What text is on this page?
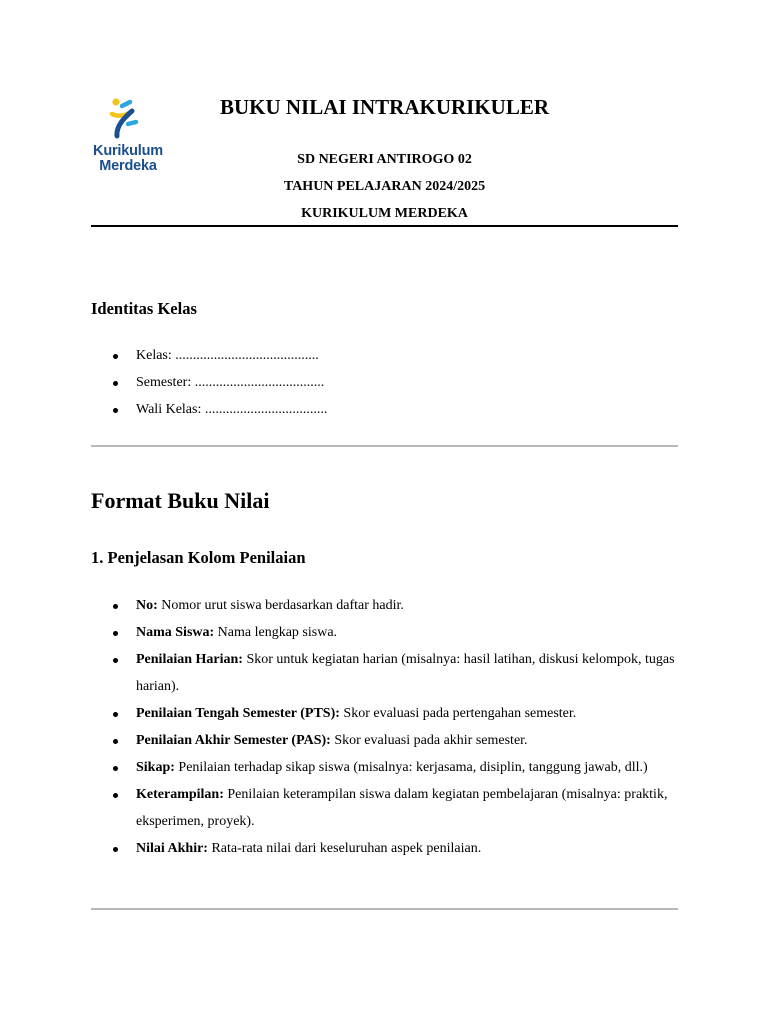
Kurikulum
Merdeka
BUKU NILAI INTRAKURIKULER

SD NEGERI ANTIROGO 02

TAHUN PELAJARAN 2024/2025

KURIKULUM MERDEKA

Identitas Kelas
Kelas: .........................................
Semester: .....................................
Wali Kelas: ...................................
Format Buku Nilai
1. Penjelasan Kolom Penilaian
No: Nomor urut siswa berdasarkan daftar hadir.
Nama Siswa: Nama lengkap siswa.
Penilaian Harian: Skor untuk kegiatan harian (misalnya: hasil latihan, diskusi kelompok, tugas harian).
Penilaian Tengah Semester (PTS): Skor evaluasi pada pertengahan semester.
Penilaian Akhir Semester (PAS): Skor evaluasi pada akhir semester.
Sikap: Penilaian terhadap sikap siswa (misalnya: kerjasama, disiplin, tanggung jawab, dll.)
Keterampilan: Penilaian keterampilan siswa dalam kegiatan pembelajaran (misalnya: praktik, eksperimen, proyek).
Nilai Akhir: Rata-rata nilai dari keseluruhan aspek penilaian.
